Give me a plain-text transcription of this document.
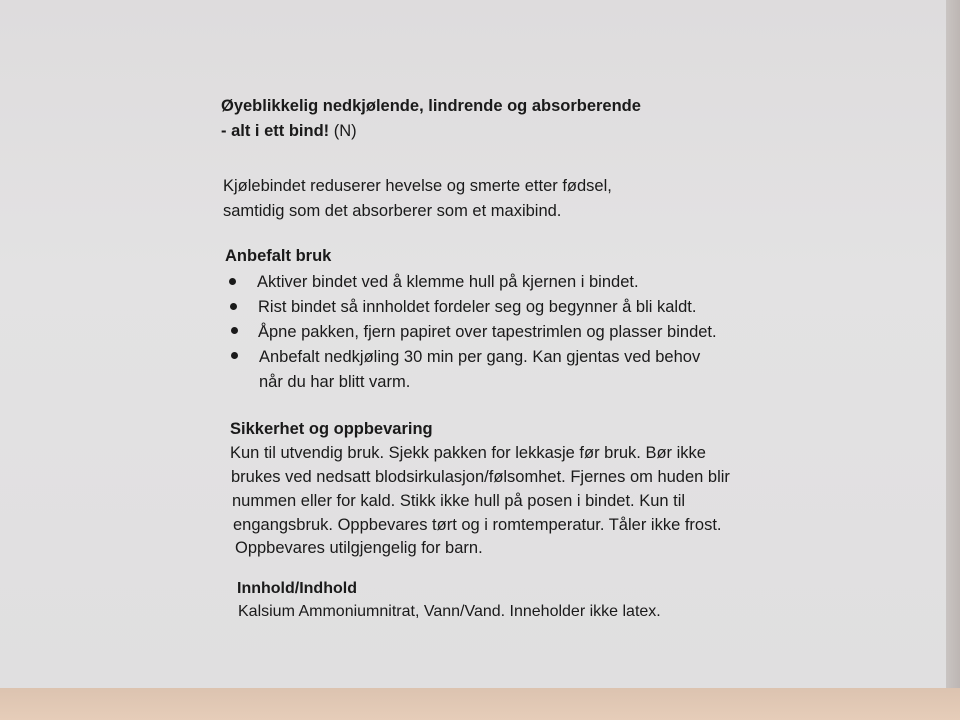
Øyeblikkelig nedkjølende, lindrende og absorberende
- alt i ett bind! (N)
Kjølebindet reduserer hevelse og smerte etter fødsel,
samtidig som det absorberer som et maxibind.
Anbefalt bruk
Aktiver bindet ved å klemme hull på kjernen i bindet.
Rist bindet så innholdet fordeler seg og begynner å bli kaldt.
Åpne pakken, fjern papiret over tapestrimlen og plasser bindet.
Anbefalt nedkjøling 30 min per gang. Kan gjentas ved behov
når du har blitt varm.
Sikkerhet og oppbevaring
Kun til utvendig bruk. Sjekk pakken for lekkasje før bruk. Bør ikke
brukes ved nedsatt blodsirkulasjon/følsomhet. Fjernes om huden blir
nummen eller for kald. Stikk ikke hull på posen i bindet. Kun til
engangsbruk. Oppbevares tørt og i romtemperatur. Tåler ikke frost.
Oppbevares utilgjengelig for barn.
Innhold/Indhold
Kalsium Ammoniumnitrat, Vann/Vand. Inneholder ikke latex.
